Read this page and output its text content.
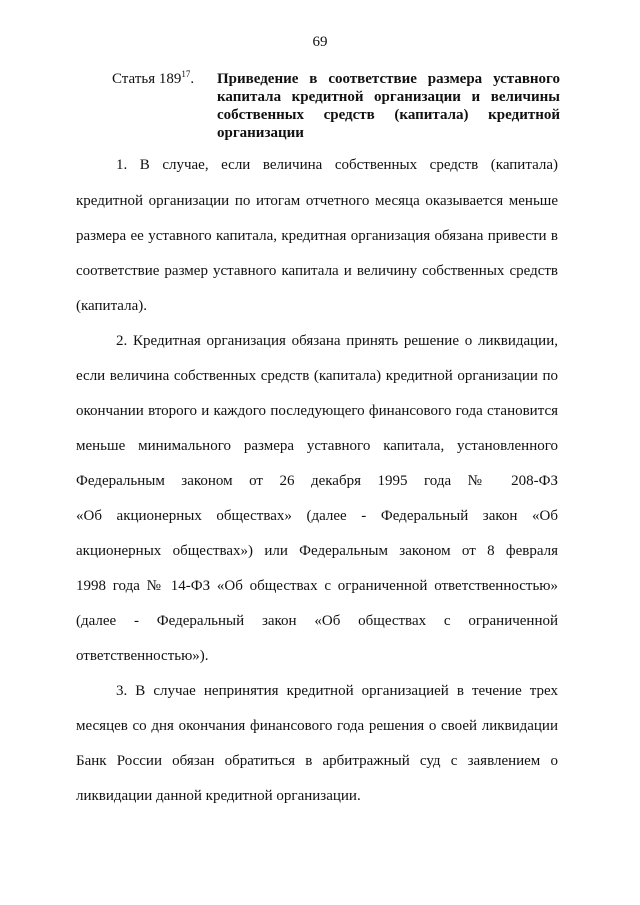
69
Статья $189^{17}$. Приведение в соответствие размера уставного капитала кредитной организации и величины собственных средств (капитала) кредитной организации
1. В случае, если величина собственных средств (капитала)
кредитной организации по итогам отчетного месяца оказывается меньше
размера ее уставного капитала, кредитная организация обязана привести в
соответствие размер уставного капитала и величину собственных средств
(капитала).
2. Кредитная организация обязана принять решение о ликвидации,
если величина собственных средств (капитала) кредитной организации по
окончании второго и каждого последующего финансового года становится
меньше минимального размера уставного капитала, установленного
Федеральным законом от 26 декабря 1995 года № 208-ФЗ
«Об акционерных обществах» (далее - Федеральный закон «Об
акционерных обществах») или Федеральным законом от 8 февраля
1998 года № 14-ФЗ «Об обществах с ограниченной ответственностью»
(далее - Федеральный закон «Об обществах с ограниченной
ответственностью»).
3. В случае непринятия кредитной организацией в течение трех
месяцев со дня окончания финансового года решения о своей ликвидации
Банк России обязан обратиться в арбитражный суд с заявлением о
ликвидации данной кредитной организации.
